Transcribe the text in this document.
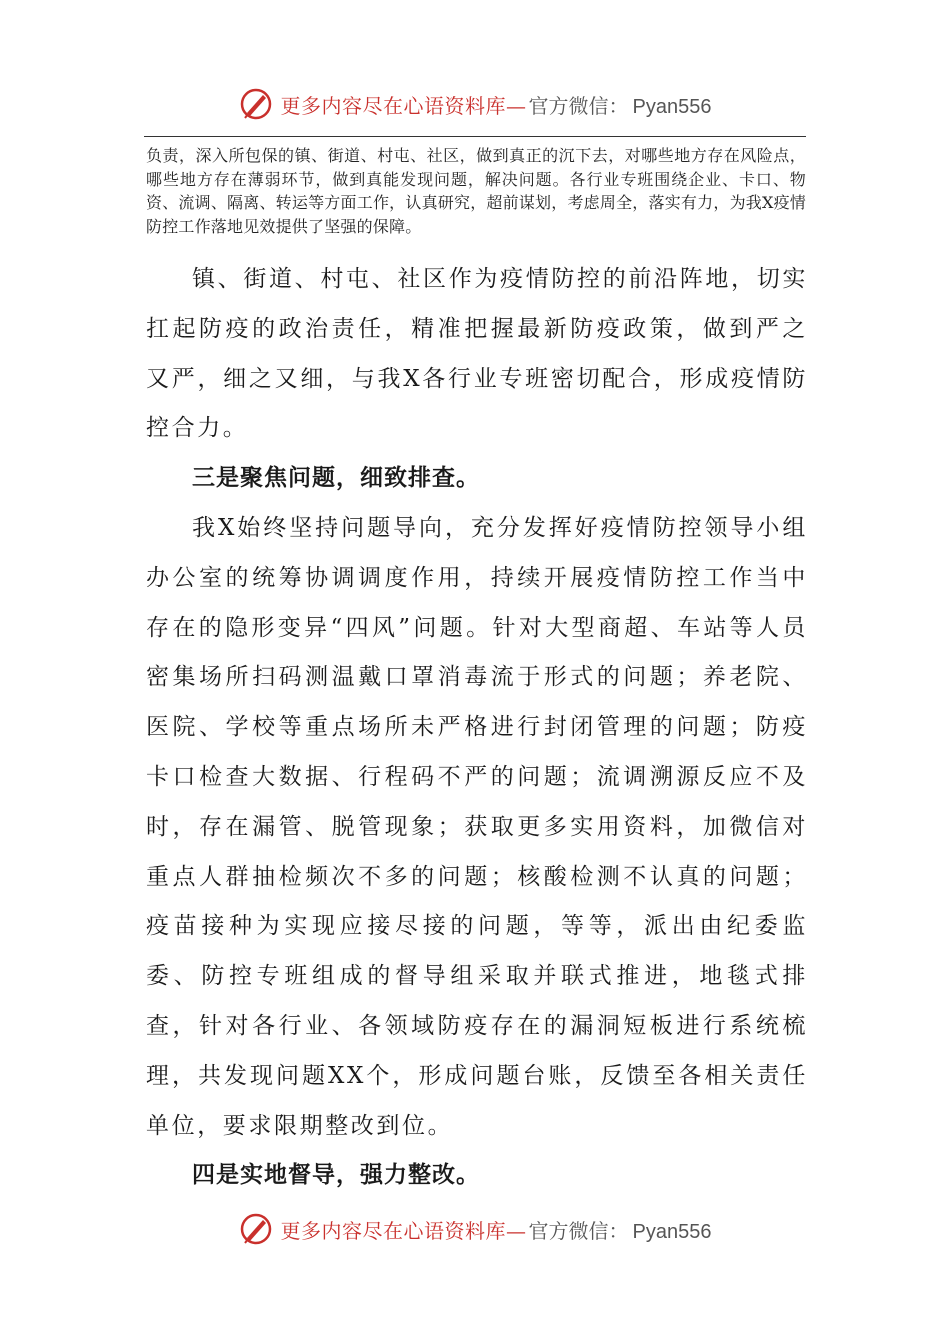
更多内容尽在心语资料库— 官方微信： Pyan556
负责，深入所包保的镇、街道、村屯、社区，做到真正的沉下去，对哪些地方存在风险点，哪些地方存在薄弱环节，做到真能发现问题，解决问题。各行业专班围绕企业、卡口、物资、流调、隔离、转运等方面工作，认真研究，超前谋划，考虑周全，落实有力，为我X疫情防控工作落地见效提供了坚强的保障。

镇、街道、村屯、社区作为疫情防控的前沿阵地，切实扛起防疫的政治责任，精准把握最新防疫政策，做到严之又严，细之又细，与我X各行业专班密切配合，形成疫情防控合力。

三是聚焦问题，细致排查。

我X始终坚持问题导向，充分发挥好疫情防控领导小组办公室的统筹协调调度作用，持续开展疫情防控工作当中存在的隐形变异“四风”问题。针对大型商超、车站等人员密集场所扫码测温戴口罩消毒流于形式的问题；养老院、医院、学校等重点场所未严格进行封闭管理的问题；防疫卡口检查大数据、行程码不严的问题；流调溯源反应不及时，存在漏管、脱管现象；获取更多实用资料，加微信对重点人群抽检频次不多的问题；核酸检测不认真的问题；疫苗接种为实现应接尽接的问题，等等，派出由纪委监委、防控专班组成的督导组采取并联式推进，地毯式排查，针对各行业、各领域防疫存在的漏洞短板进行系统梳理，共发现问题XX个，形成问题台账，反馈至各相关责任单位，要求限期整改到位。

四是实地督导，强力整改。

更多内容尽在心语资料库— 官方微信： Pyan556
